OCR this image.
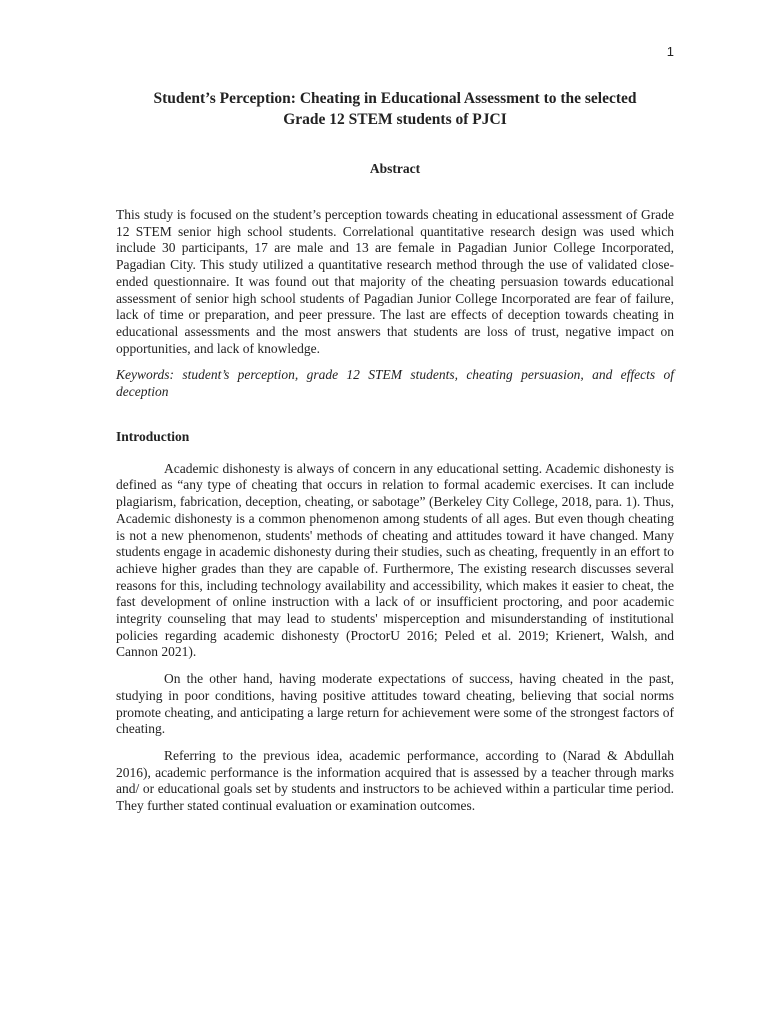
1
Student’s Perception: Cheating in Educational Assessment to the selected
Grade 12 STEM students of PJCI
Abstract

This study is focused on the student’s perception towards cheating in educational assessment of Grade 12 STEM senior high school students. Correlational quantitative research design was used which include 30 participants, 17 are male and 13 are female in Pagadian Junior College Incorporated, Pagadian City. This study utilized a quantitative research method through the use of validated close-ended questionnaire. It was found out that majority of the cheating persuasion towards educational assessment of senior high school students of Pagadian Junior College Incorporated are fear of failure, lack of time or preparation, and peer pressure. The last are effects of deception towards cheating in educational assessments and the most answers that students are loss of trust, negative impact on opportunities, and lack of knowledge.

Keywords: student’s perception, grade 12 STEM students, cheating persuasion, and effects of deception

Introduction

Academic dishonesty is always of concern in any educational setting. Academic dishonesty is defined as “any type of cheating that occurs in relation to formal academic exercises. It can include plagiarism, fabrication, deception, cheating, or sabotage” (Berkeley City College, 2018, para. 1). Thus, Academic dishonesty is a common phenomenon among students of all ages. But even though cheating is not a new phenomenon, students' methods of cheating and attitudes toward it have changed. Many students engage in academic dishonesty during their studies, such as cheating, frequently in an effort to achieve higher grades than they are capable of. Furthermore, The existing research discusses several reasons for this, including technology availability and accessibility, which makes it easier to cheat, the fast development of online instruction with a lack of or insufficient proctoring, and poor academic integrity counseling that may lead to students' misperception and misunderstanding of institutional policies regarding academic dishonesty (ProctorU 2016; Peled et al. 2019; Krienert, Walsh, and Cannon 2021).

On the other hand, having moderate expectations of success, having cheated in the past, studying in poor conditions, having positive attitudes toward cheating, believing that social norms promote cheating, and anticipating a large return for achievement were some of the strongest factors of cheating.

Referring to the previous idea, academic performance, according to (Narad & Abdullah 2016), academic performance is the information acquired that is assessed by a teacher through marks and/ or educational goals set by students and instructors to be achieved within a particular time period. They further stated continual evaluation or examination outcomes.
